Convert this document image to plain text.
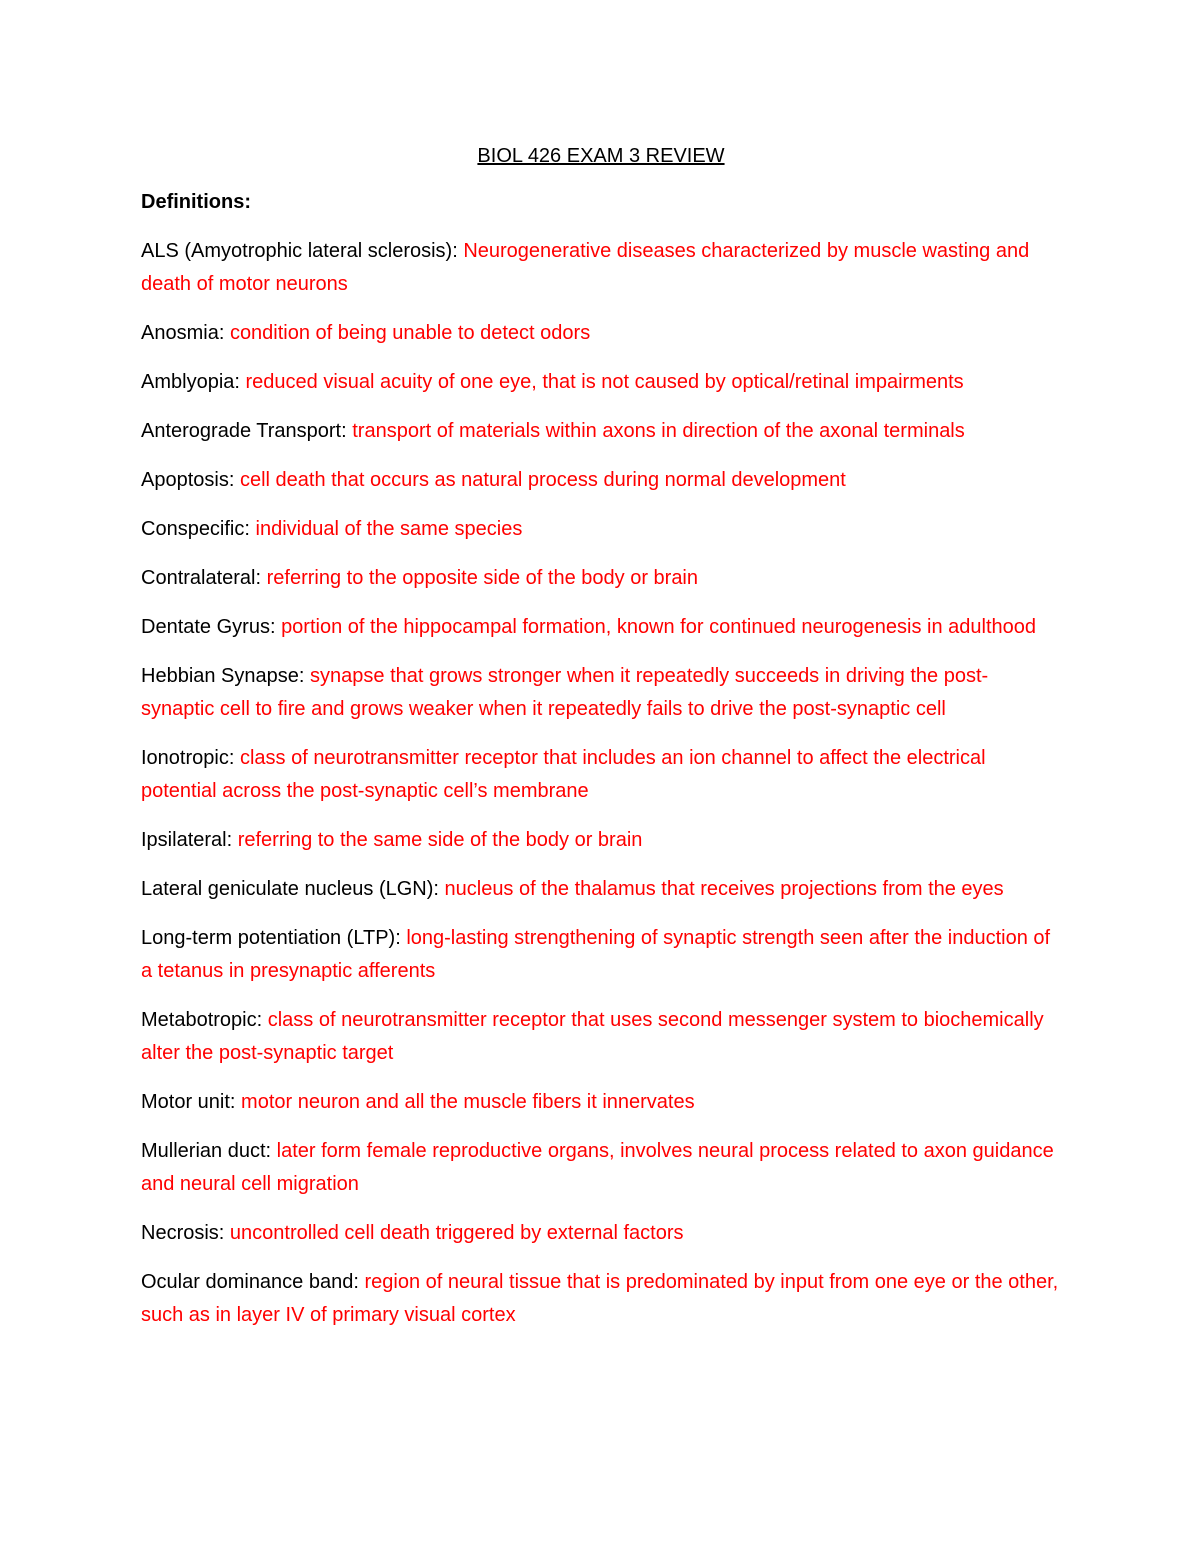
BIOL 426 EXAM 3 REVIEW

Definitions:

ALS (Amyotrophic lateral sclerosis): Neurogenerative diseases characterized by muscle wasting and death of motor neurons

Anosmia: condition of being unable to detect odors

Amblyopia: reduced visual acuity of one eye, that is not caused by optical/retinal impairments

Anterograde Transport: transport of materials within axons in direction of the axonal terminals

Apoptosis: cell death that occurs as natural process during normal development

Conspecific: individual of the same species

Contralateral: referring to the opposite side of the body or brain

Dentate Gyrus: portion of the hippocampal formation, known for continued neurogenesis in adulthood

Hebbian Synapse: synapse that grows stronger when it repeatedly succeeds in driving the post-synaptic cell to fire and grows weaker when it repeatedly fails to drive the post-synaptic cell

Ionotropic: class of neurotransmitter receptor that includes an ion channel to affect the electrical potential across the post-synaptic cell’s membrane

Ipsilateral: referring to the same side of the body or brain

Lateral geniculate nucleus (LGN): nucleus of the thalamus that receives projections from the eyes

Long-term potentiation (LTP): long-lasting strengthening of synaptic strength seen after the induction of a tetanus in presynaptic afferents

Metabotropic: class of neurotransmitter receptor that uses second messenger system to biochemically alter the post-synaptic target

Motor unit: motor neuron and all the muscle fibers it innervates

Mullerian duct: later form female reproductive organs, involves neural process related to axon guidance and neural cell migration

Necrosis: uncontrolled cell death triggered by external factors

Ocular dominance band: region of neural tissue that is predominated by input from one eye or the other, such as in layer IV of primary visual cortex
